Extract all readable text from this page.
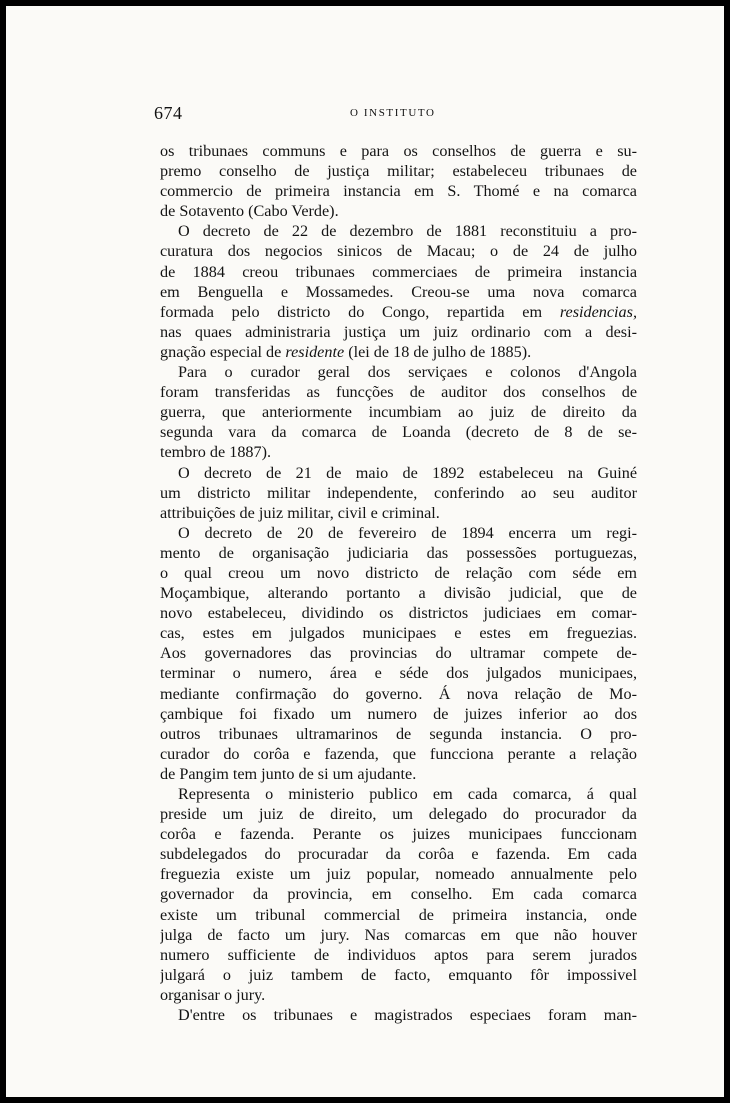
674	O INSTITUTO
os tribunaes communs e para os conselhos de guerra e su-
premo conselho de justiça militar; estabeleceu tribunaes de
commercio de primeira instancia em S. Thomé e na comarca
de Sotavento (Cabo Verde).
O decreto de 22 de dezembro de 1881 reconstituiu a pro-
curatura dos negocios sinicos de Macau; o de 24 de julho
de 1884 creou tribunaes commerciaes de primeira instancia
em Benguella e Mossamedes. Creou-se uma nova comarca
formada pelo districto do Congo, repartida em residencias,
nas quaes administraria justiça um juiz ordinario com a desi-
gnação especial de residente (lei de 18 de julho de 1885).
Para o curador geral dos serviçaes e colonos d'Angola
foram transferidas as funcções de auditor dos conselhos de
guerra, que anteriormente incumbiam ao juiz de direito da
segunda vara da comarca de Loanda (decreto de 8 de se-
tembro de 1887).
O decreto de 21 de maio de 1892 estabeleceu na Guiné
um districto militar independente, conferindo ao seu auditor
attribuições de juiz militar, civil e criminal.
O decreto de 20 de fevereiro de 1894 encerra um regi-
mento de organisação judiciaria das possessões portuguezas,
o qual creou um novo districto de relação com séde em
Moçambique, alterando portanto a divisão judicial, que de
novo estabeleceu, dividindo os districtos judiciaes em comar-
cas, estes em julgados municipaes e estes em freguezias.
Aos governadores das provincias do ultramar compete de-
terminar o numero, área e séde dos julgados municipaes,
mediante confirmação do governo. Á nova relação de Mo-
çambique foi fixado um numero de juizes inferior ao dos
outros tribunaes ultramarinos de segunda instancia. O pro-
curador do corôa e fazenda, que funcciona perante a relação
de Pangim tem junto de si um ajudante.
Representa o ministerio publico em cada comarca, á qual
preside um juiz de direito, um delegado do procurador da
corôa e fazenda. Perante os juizes municipaes funccionam
subdelegados do procuradar da corôa e fazenda. Em cada
freguezia existe um juiz popular, nomeado annualmente pelo
governador da provincia, em conselho. Em cada comarca
existe um tribunal commercial de primeira instancia, onde
julga de facto um jury. Nas comarcas em que não houver
numero sufficiente de individuos aptos para serem jurados
julgará o juiz tambem de facto, emquanto fôr impossivel
organisar o jury.
D'entre os tribunaes e magistrados especiaes foram man-
